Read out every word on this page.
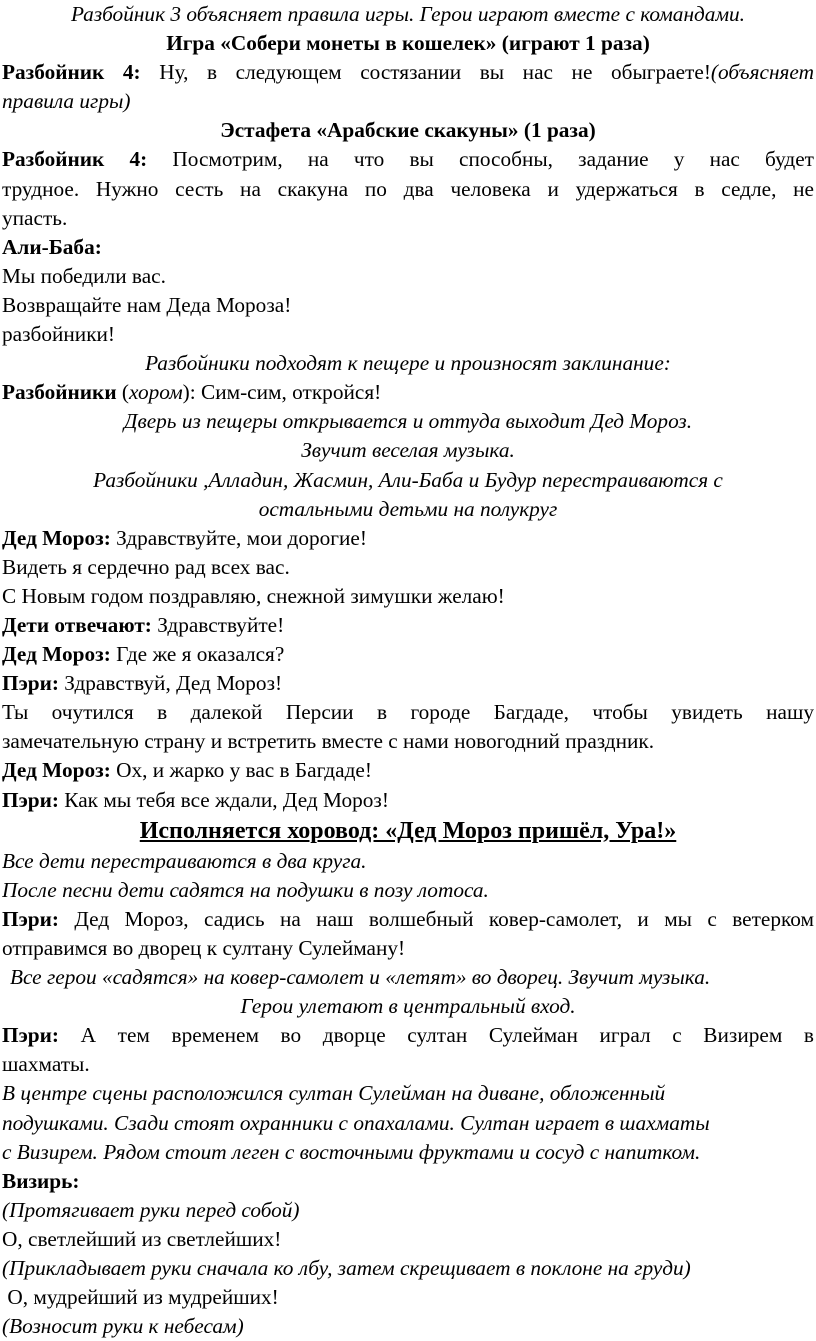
Разбойник 3 объясняет правила игры. Герои играют вместе с командами.
Игра «Собери монеты в кошелек» (играют 1 раза)
Разбойник 4: Ну, в следующем состязании вы нас не обыграете!(объясняет
правила игры)
Эстафета «Арабские скакуны» (1 раза)
Разбойник 4: Посмотрим, на что вы способны, задание у нас будет
трудное. Нужно сесть на скакуна по два человека и удержаться в седле, не
упасть.
Али-Баба:
Мы победили вас.
Возвращайте нам Деда Мороза!
разбойники!
Разбойники подходят к пещере и произносят заклинание:
Разбойники (хором): Сим-сим, откройся!
Дверь из пещеры открывается и оттуда выходит Дед Мороз.
Звучит веселая музыка.
Разбойники ,Алладин, Жасмин, Али-Баба и Будур перестраиваются с
остальными детьми на полукруг
Дед Мороз: Здравствуйте, мои дорогие!
Видеть я сердечно рад всех вас.
С Новым годом поздравляю, снежной зимушки желаю!
Дети отвечают: Здравствуйте!
Дед Мороз: Где же я оказался?
Пэри: Здравствуй, Дед Мороз!
Ты очутился в далекой Персии в городе Багдаде, чтобы увидеть нашу
замечательную страну и встретить вместе с нами новогодний праздник.
Дед Мороз: Ох, и жарко у вас в Багдаде!
Пэри: Как мы тебя все ждали, Дед Мороз!
Исполняется хоровод: «Дед Мороз пришёл, Ура!»
Все дети перестраиваются в два круга.
После песни дети садятся на подушки в позу лотоса.
Пэри: Дед Мороз, садись на наш волшебный ковер-самолет, и мы с ветерком
отправимся во дворец к султану Сулейману!
Все герои «садятся» на ковер-самолет и «летят» во дворец. Звучит музыка.
Герои улетают в центральный вход.
Пэри: А тем временем во дворце султан Сулейман играл с Визирем в
шахматы.
В центре сцены расположился султан Сулейман на диване, обложенный
подушками. Сзади стоят охранники с опахалами. Султан играет в шахматы
с Визирем. Рядом стоит леген с восточными фруктами и сосуд с напитком.
Визирь:
(Протягивает руки перед собой)
О, светлейший из светлейших!
(Прикладывает руки сначала ко лбу, затем скрещивает в поклоне на груди)
О, мудрейший из мудрейших!
(Возносит руки к небесам)
